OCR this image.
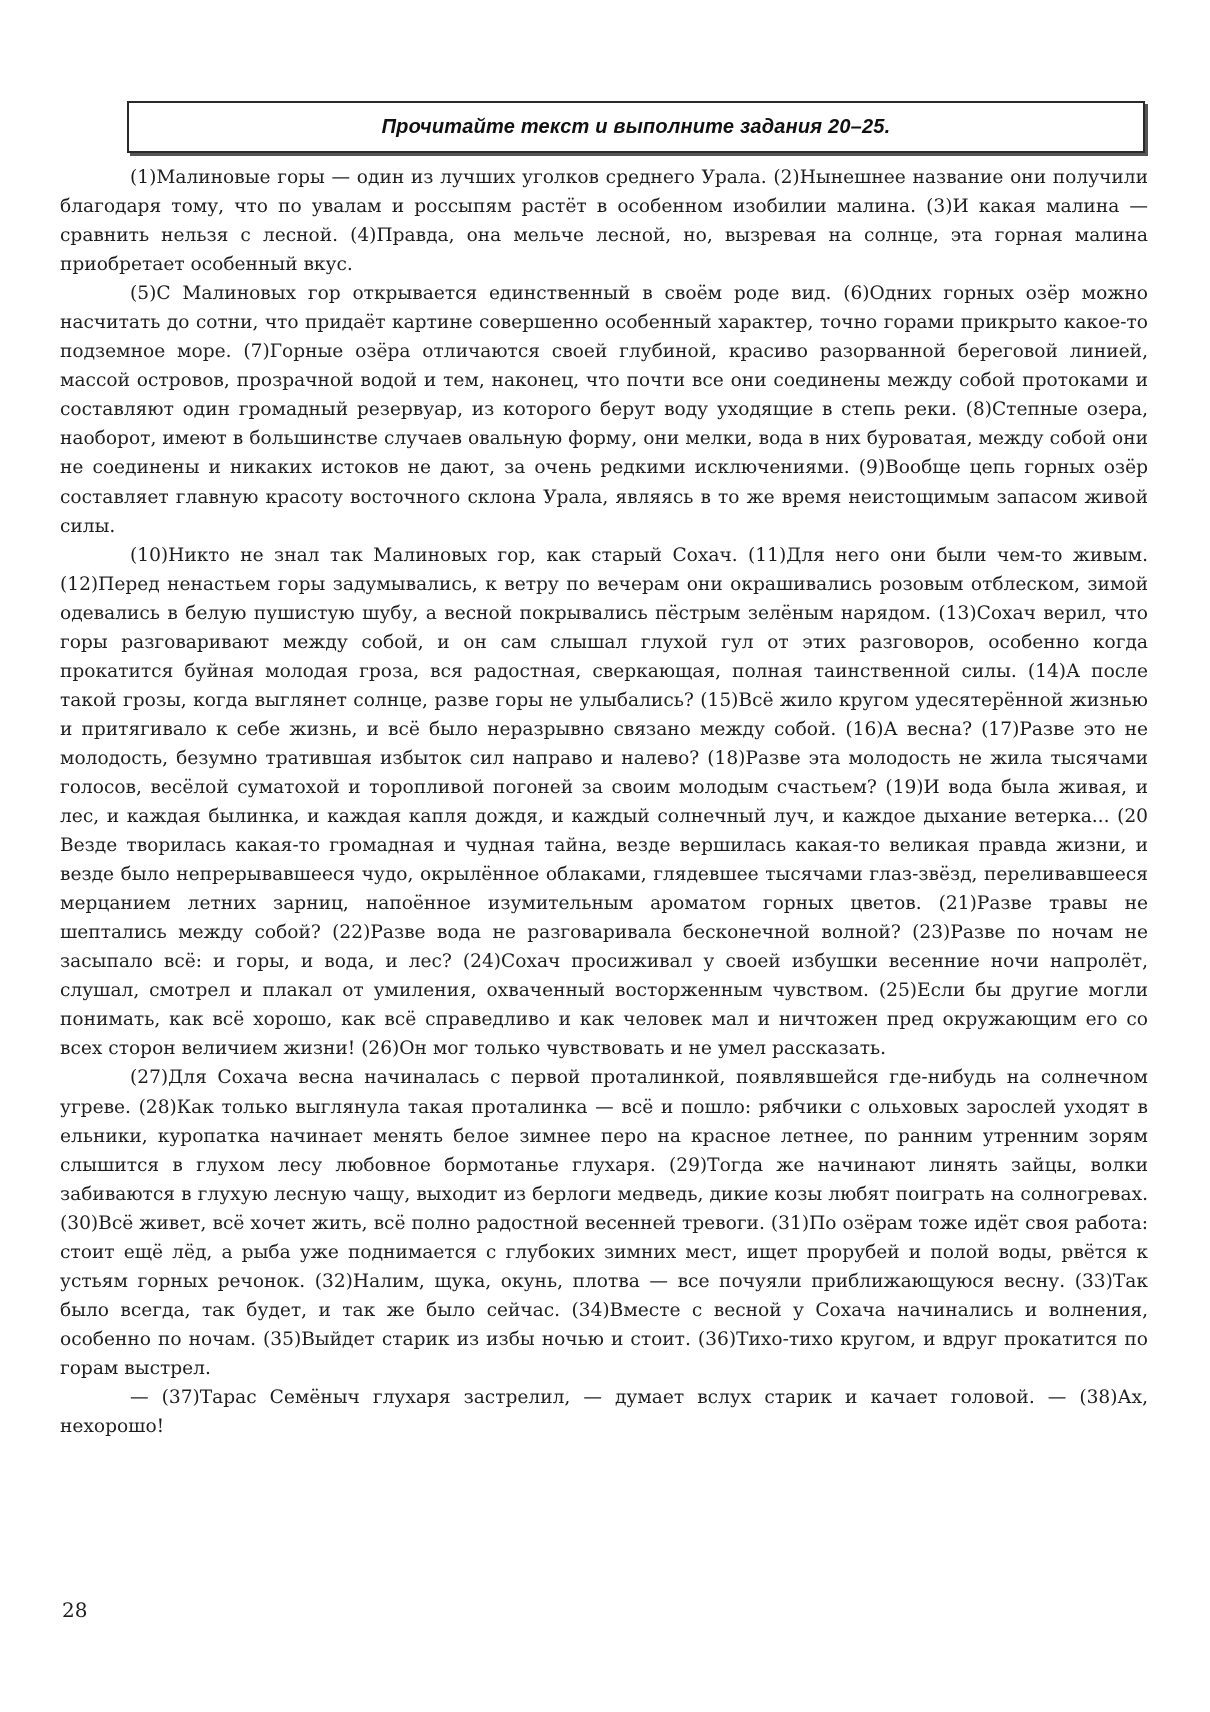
Прочитайте текст и выполните задания 20–25.

(1)Малиновые горы — один из лучших уголков среднего Урала. (2)Нынешнее название они получили благодаря тому, что по увалам и россыпям растёт в особенном изобилии малина. (3)И какая малина — сравнить нельзя с лесной. (4)Правда, она мельче лесной, но, вызревая на солнце, эта горная малина приобретает особенный вкус.

(5)С Малиновых гор открывается единственный в своём роде вид. (6)Одних горных озёр можно насчитать до сотни, что придаёт картине совершенно особенный характер, точно горами прикрыто какое-то подземное море. (7)Горные озёра отличаются своей глубиной, красиво разорванной береговой линией, массой островов, прозрачной водой и тем, наконец, что почти все они соединены между собой протоками и составляют один громадный резервуар, из которого берут воду уходящие в степь реки. (8)Степные озера, наоборот, имеют в большинстве случаев овальную форму, они мелки, вода в них буроватая, между собой они не соединены и никаких истоков не дают, за очень редкими исключениями. (9)Вообще цепь горных озёр составляет главную красоту восточного склона Урала, являясь в то же время неистощимым запасом живой силы.

(10)Никто не знал так Малиновых гор, как старый Сохач. (11)Для него они были чем-то живым. (12)Перед ненастьем горы задумывались, к ветру по вечерам они окрашивались розовым отблеском, зимой одевались в белую пушистую шубу, а весной покрывались пёстрым зелёным нарядом. (13)Сохач верил, что горы разговаривают между собой, и он сам слышал глухой гул от этих разговоров, особенно когда прокатится буйная молодая гроза, вся радостная, сверкающая, полная таинственной силы. (14)А после такой грозы, когда выглянет солнце, разве горы не улыбались? (15)Всё жило кругом удесятерённой жизнью и притягивало к себе жизнь, и всё было неразрывно связано между собой. (16)А весна? (17)Разве это не молодость, безумно тратившая избыток сил направо и налево? (18)Разве эта молодость не жила тысячами голосов, весёлой суматохой и торопливой погоней за своим молодым счастьем? (19)И вода была живая, и лес, и каждая былинка, и каждая капля дождя, и каждый солнечный луч, и каждое дыхание ветерка... (20 Везде творилась какая-то громадная и чудная тайна, везде вершилась какая-то великая правда жизни, и везде было непрерывавшееся чудо, окрылённое облаками, глядевшее тысячами глаз-звёзд, переливавшееся мерцанием летних зарниц, напоённое изумительным ароматом горных цветов. (21)Разве травы не шептались между собой? (22)Разве вода не разговаривала бесконечной волной? (23)Разве по ночам не засыпало всё: и горы, и вода, и лес? (24)Сохач просиживал у своей избушки весенние ночи напролёт, слушал, смотрел и плакал от умиления, охваченный восторженным чувством. (25)Если бы другие могли понимать, как всё хорошо, как всё справедливо и как человек мал и ничтожен пред окружающим его со всех сторон величием жизни! (26)Он мог только чувствовать и не умел рассказать.

(27)Для Сохача весна начиналась с первой проталинкой, появлявшейся где-нибудь на солнечном угреве. (28)Как только выглянула такая проталинка — всё и пошло: рябчики с ольховых зарослей уходят в ельники, куропатка начинает менять белое зимнее перо на красное летнее, по ранним утренним зорям слышится в глухом лесу любовное бормотанье глухаря. (29)Тогда же начинают линять зайцы, волки забиваются в глухую лесную чащу, выходит из берлоги медведь, дикие козы любят поиграть на солногревах. (30)Всё живет, всё хочет жить, всё полно радостной весенней тревоги. (31)По озёрам тоже идёт своя работа: стоит ещё лёд, а рыба уже поднимается с глубоких зимних мест, ищет прорубей и полой воды, рвётся к устьям горных речонок. (32)Налим, щука, окунь, плотва — все почуяли приближающуюся весну. (33)Так было всегда, так будет, и так же было сейчас. (34)Вместе с весной у Сохача начинались и волнения, особенно по ночам. (35)Выйдет старик из избы ночью и стоит. (36)Тихо-тихо кругом, и вдруг прокатится по горам выстрел.

— (37)Тарас Семёныч глухаря застрелил, — думает вслух старик и качает головой. — (38)Ах, нехорошо!

28
